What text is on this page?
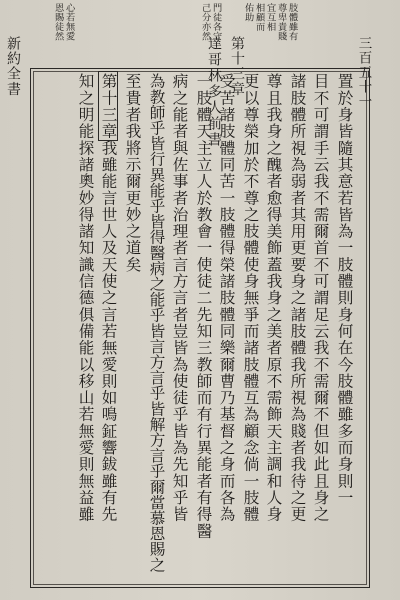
三百五十一
第十三章
達哥林多人前書
新約全書
肢體雖有
尊卑貴賤
宜互相
相顧而
佑助
門徒各守
己分亦然
心若無愛
恩賜徒然
置於身皆隨其意若皆為一肢體則身何在今肢體雖多而身則一
目不可謂手云我不需爾首不可謂足云我不需爾不但如此且身之
諸肢體所視為弱者其用更要身之諸肢體我所視為賤者我待之更
尊且我身之醜者愈得美飾蓋我身之美者原不需飾天主調和人身
更以尊榮加於不尊之肢體使身無爭而諸肢體互為顧念倘一肢體
受苦諸肢體同苦一肢體得榮諸肢體同樂爾曹乃基督之身而各為
一肢體天主立人於教會一使徒二先知三教師而有行異能者有得醫
病之能者與佐事者治理者言方言者豈皆為使徒乎皆為先知乎皆
為教師乎皆行異能乎皆得醫病之能乎皆言方言乎皆解方言乎爾當慕恩賜之
至貴者我將示爾更妙之道矣
第十三章我雖能言世人及天使之言若無愛則如鳴鉦響鈸雖有先
知之明能探諸奧妙得諸知識信德俱備能以移山若無愛則無益雖
